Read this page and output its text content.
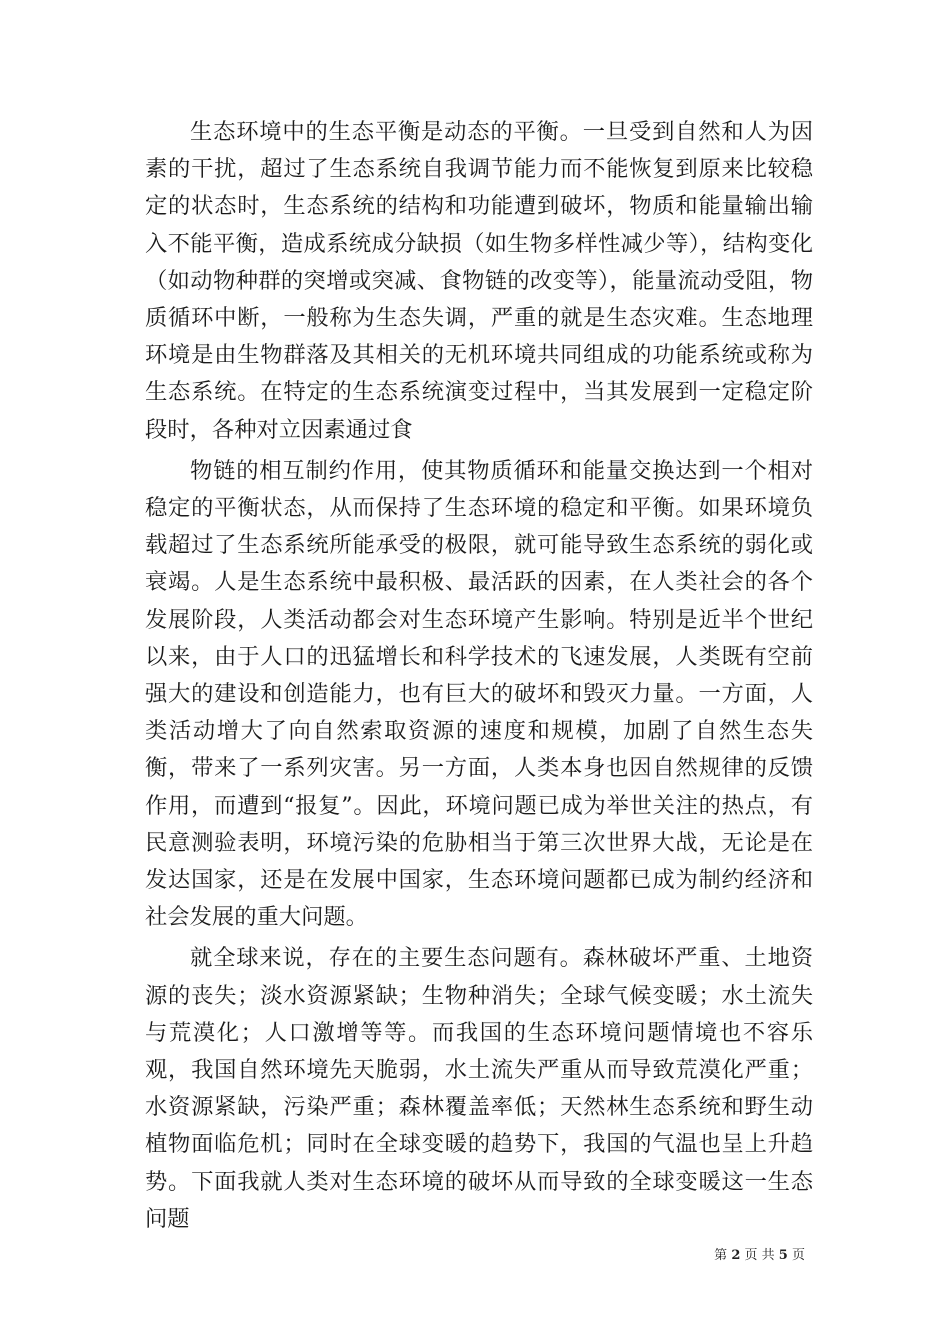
生态环境中的生态平衡是动态的平衡。一旦受到自然和人为因素的干扰，超过了生态系统自我调节能力而不能恢复到原来比较稳定的状态时，生态系统的结构和功能遭到破坏，物质和能量输出输入不能平衡，造成系统成分缺损（如生物多样性减少等），结构变化（如动物种群的突增或突减、食物链的改变等），能量流动受阻，物质循环中断，一般称为生态失调，严重的就是生态灾难。生态地理环境是由生物群落及其相关的无机环境共同组成的功能系统或称为生态系统。在特定的生态系统演变过程中，当其发展到一定稳定阶段时，各种对立因素通过食

物链的相互制约作用，使其物质循环和能量交换达到一个相对稳定的平衡状态，从而保持了生态环境的稳定和平衡。如果环境负载超过了生态系统所能承受的极限，就可能导致生态系统的弱化或衰竭。人是生态系统中最积极、最活跃的因素，在人类社会的各个发展阶段，人类活动都会对生态环境产生影响。特别是近半个世纪以来，由于人口的迅猛增长和科学技术的飞速发展，人类既有空前强大的建设和创造能力，也有巨大的破坏和毁灭力量。一方面，人类活动增大了向自然索取资源的速度和规模，加剧了自然生态失衡，带来了一系列灾害。另一方面，人类本身也因自然规律的反馈作用，而遭到“报复”。因此，环境问题已成为举世关注的热点，有民意测验表明，环境污染的危胁相当于第三次世界大战，无论是在发达国家，还是在发展中国家，生态环境问题都已成为制约经济和社会发展的重大问题。

就全球来说，存在的主要生态问题有。森林破坏严重、土地资源的丧失；淡水资源紧缺；生物种消失；全球气候变暖；水土流失与荒漠化；人口激增等等。而我国的生态环境问题情境也不容乐观，我国自然环境先天脆弱，水土流失严重从而导致荒漠化严重；水资源紧缺，污染严重；森林覆盖率低；天然林生态系统和野生动植物面临危机；同时在全球变暖的趋势下，我国的气温也呈上升趋势。下面我就人类对生态环境的破坏从而导致的全球变暖这一生态问题

第 2 页 共 5 页
